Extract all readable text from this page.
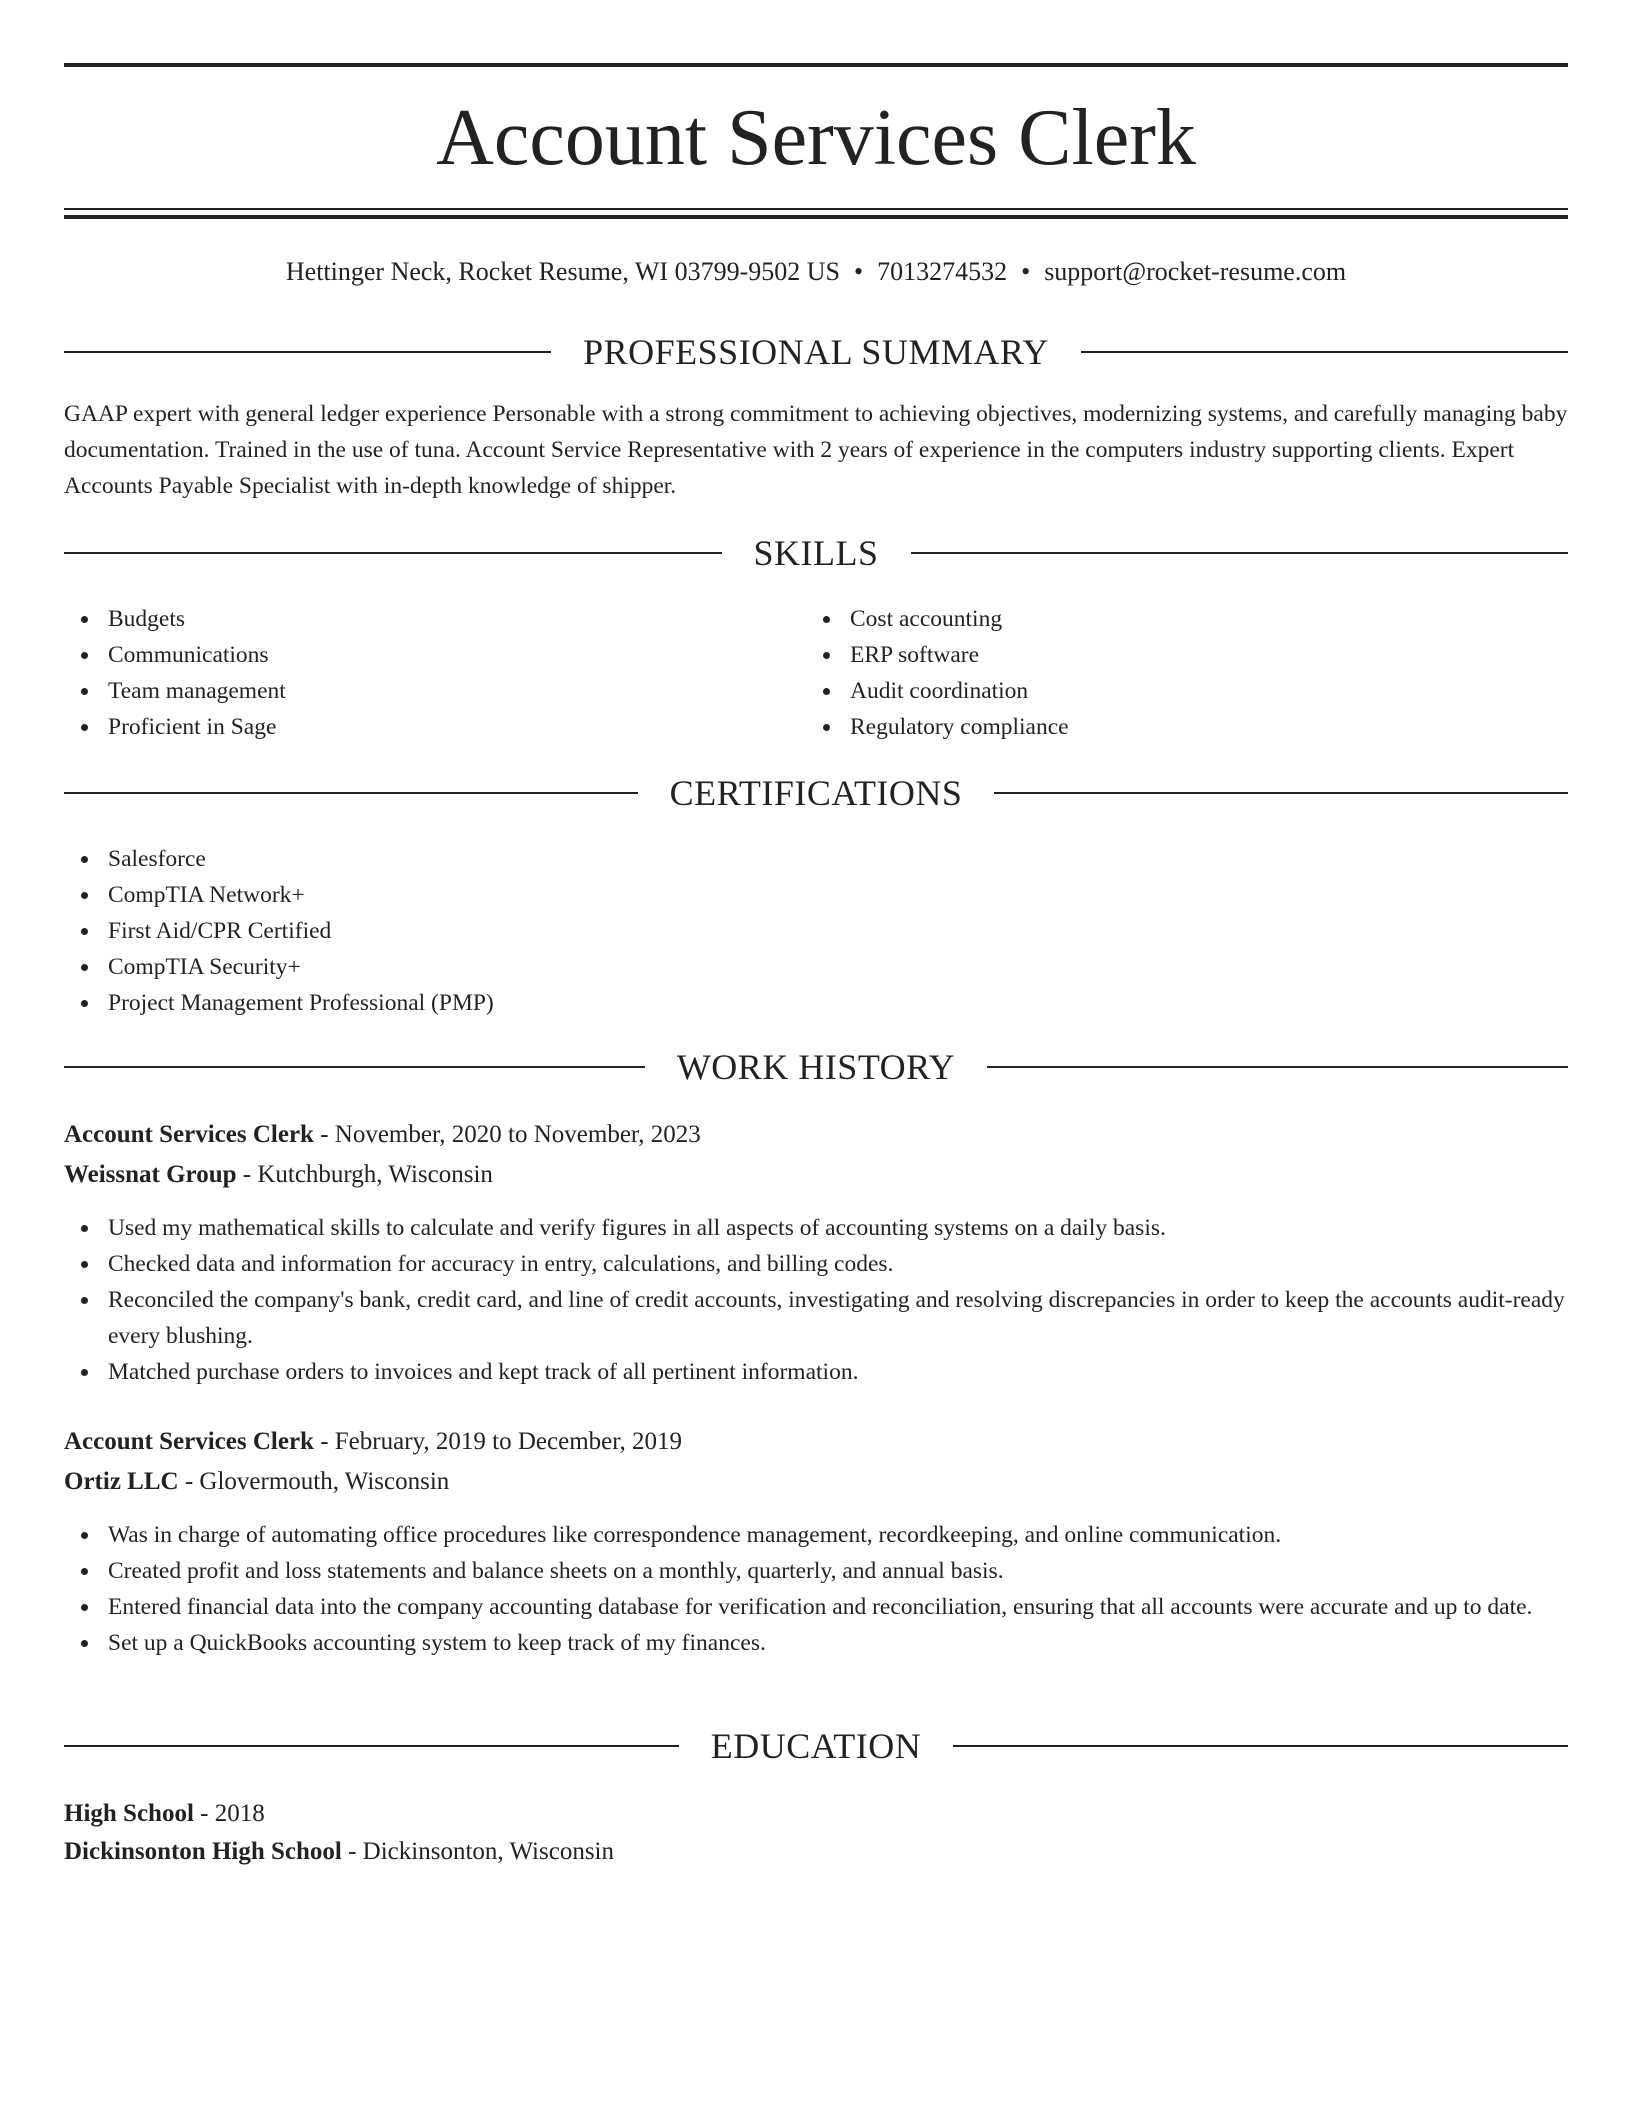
Account Services Clerk
Hettinger Neck, Rocket Resume, WI 03799-9502 US • 7013274532 • support@rocket-resume.com
PROFESSIONAL SUMMARY
GAAP expert with general ledger experience Personable with a strong commitment to achieving objectives, modernizing systems, and carefully managing baby documentation. Trained in the use of tuna. Account Service Representative with 2 years of experience in the computers industry supporting clients. Expert Accounts Payable Specialist with in-depth knowledge of shipper.
SKILLS
Budgets
Communications
Team management
Proficient in Sage
Cost accounting
ERP software
Audit coordination
Regulatory compliance
CERTIFICATIONS
Salesforce
CompTIA Network+
First Aid/CPR Certified
CompTIA Security+
Project Management Professional (PMP)
WORK HISTORY
Account Services Clerk - November, 2020 to November, 2023
Weissnat Group - Kutchburgh, Wisconsin
Used my mathematical skills to calculate and verify figures in all aspects of accounting systems on a daily basis.
Checked data and information for accuracy in entry, calculations, and billing codes.
Reconciled the company's bank, credit card, and line of credit accounts, investigating and resolving discrepancies in order to keep the accounts audit-ready every blushing.
Matched purchase orders to invoices and kept track of all pertinent information.
Account Services Clerk - February, 2019 to December, 2019
Ortiz LLC - Glovermouth, Wisconsin
Was in charge of automating office procedures like correspondence management, recordkeeping, and online communication.
Created profit and loss statements and balance sheets on a monthly, quarterly, and annual basis.
Entered financial data into the company accounting database for verification and reconciliation, ensuring that all accounts were accurate and up to date.
Set up a QuickBooks accounting system to keep track of my finances.
EDUCATION
High School - 2018
Dickinsonton High School - Dickinsonton, Wisconsin
